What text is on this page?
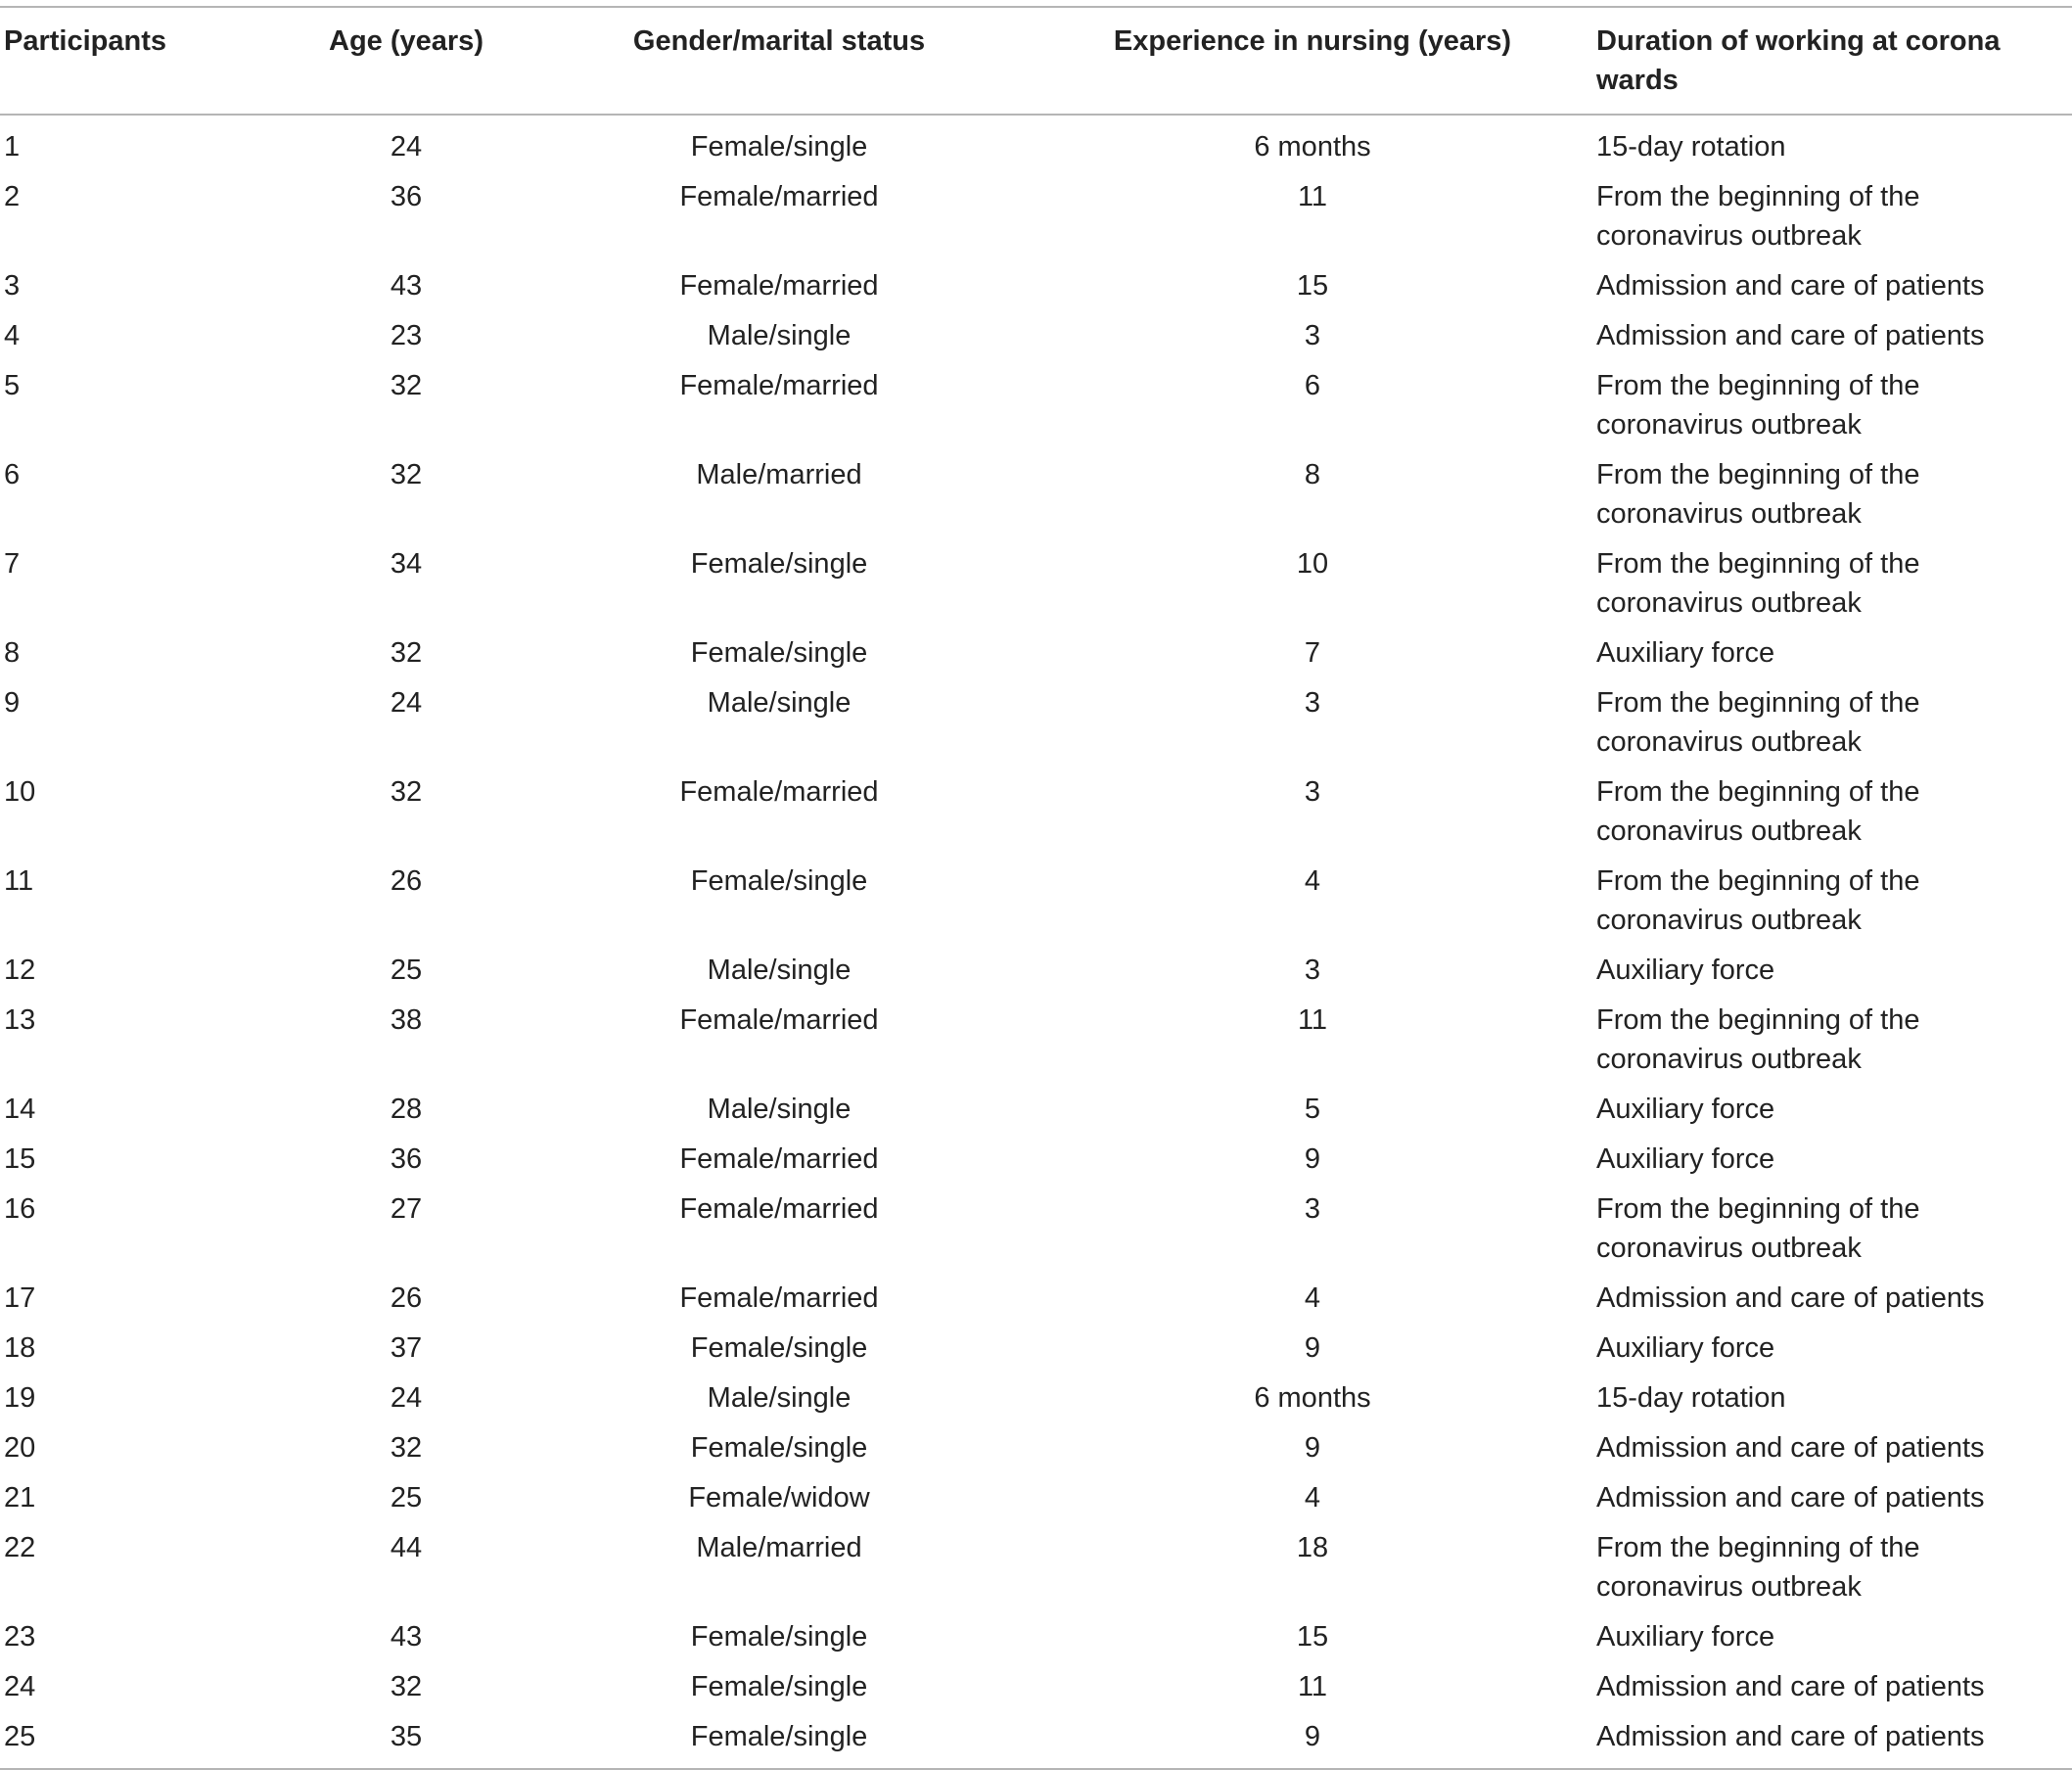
Participants	Age (years)	Gender/marital status	Experience in nursing (years)	Duration of working at corona wards
1	24	Female/single	6 months	15-day rotation
2	36	Female/married	11	From the beginning of the coronavirus outbreak
3	43	Female/married	15	Admission and care of patients
4	23	Male/single	3	Admission and care of patients
5	32	Female/married	6	From the beginning of the coronavirus outbreak
6	32	Male/married	8	From the beginning of the coronavirus outbreak
7	34	Female/single	10	From the beginning of the coronavirus outbreak
8	32	Female/single	7	Auxiliary force
9	24	Male/single	3	From the beginning of the coronavirus outbreak
10	32	Female/married	3	From the beginning of the coronavirus outbreak
11	26	Female/single	4	From the beginning of the coronavirus outbreak
12	25	Male/single	3	Auxiliary force
13	38	Female/married	11	From the beginning of the coronavirus outbreak
14	28	Male/single	5	Auxiliary force
15	36	Female/married	9	Auxiliary force
16	27	Female/married	3	From the beginning of the coronavirus outbreak
17	26	Female/married	4	Admission and care of patients
18	37	Female/single	9	Auxiliary force
19	24	Male/single	6 months	15-day rotation
20	32	Female/single	9	Admission and care of patients
21	25	Female/widow	4	Admission and care of patients
22	44	Male/married	18	From the beginning of the coronavirus outbreak
23	43	Female/single	15	Auxiliary force
24	32	Female/single	11	Admission and care of patients
25	35	Female/single	9	Admission and care of patients
